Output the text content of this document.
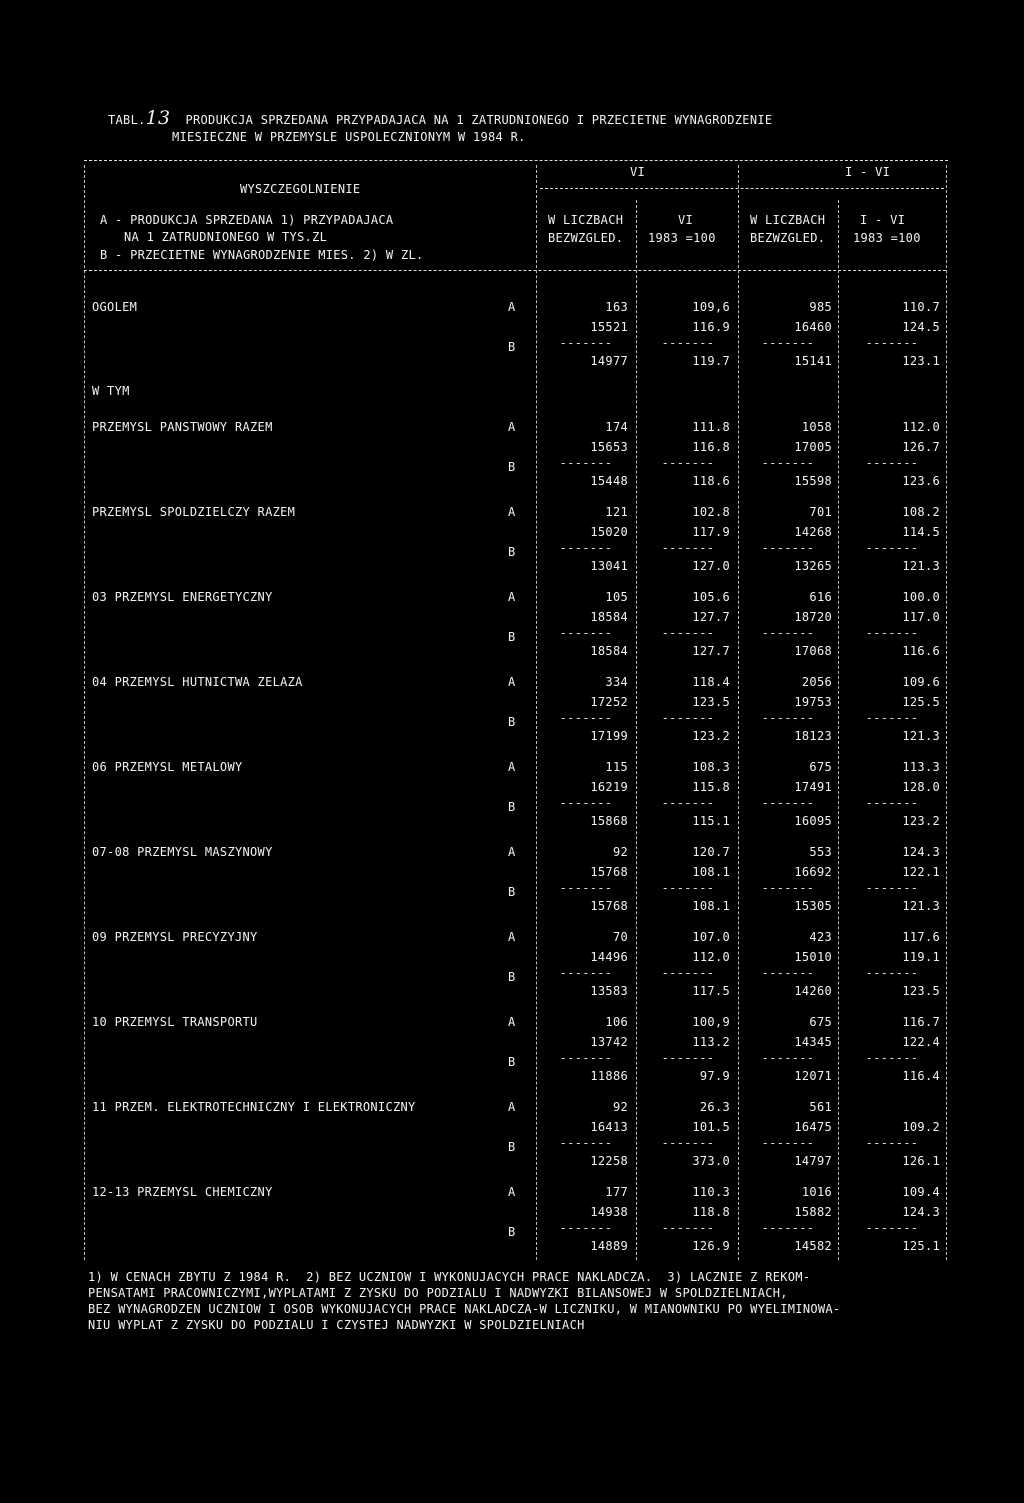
TABL.13 PRODUKCJA SPRZEDANA PRZYPADAJACA NA 1 ZATRUDNIONEGO I PRZECIETNE WYNAGRODZENIE
MIESIECZNE W PRZEMYSLE USPOLECZNIONYM W 1984 R.
WYSZCZEGOLNIENIE
VI	I - VI
A - PRODUKCJA SPRZEDANA 1) PRZYPADAJACA
NA 1 ZATRUDNIONEGO W TYS.ZL
B - PRZECIETNE WYNAGRODZENIE MIES. 2) W ZL.
W LICZBACH
BEZWZGLED.
VI
1983 =100
W LICZBACH
BEZWZGLED.
I - VI
1983 =100
W TYM
OGOLEM	A
B
163	109,6	985	110.7
15521	116.9	16460	124.5
-------	-------	-------	-------
14977	119.7	15141	123.1
PRZEMYSL PANSTWOWY RAZEM	A
B
174	111.8	1058	112.0
15653	116.8	17005	126.7
-------	-------	-------	-------
15448	118.6	15598	123.6
PRZEMYSL SPOLDZIELCZY RAZEM	A
B
121	102.8	701	108.2
15020	117.9	14268	114.5
-------	-------	-------	-------
13041	127.0	13265	121.3
03 PRZEMYSL ENERGETYCZNY	A
B
105	105.6	616	100.0
18584	127.7	18720	117.0
-------	-------	-------	-------
18584	127.7	17068	116.6
04 PRZEMYSL HUTNICTWA ZELAZA	A
B
334	118.4	2056	109.6
17252	123.5	19753	125.5
-------	-------	-------	-------
17199	123.2	18123	121.3
06 PRZEMYSL METALOWY	A
B
115	108.3	675	113.3
16219	115.8	17491	128.0
-------	-------	-------	-------
15868	115.1	16095	123.2
07-08 PRZEMYSL MASZYNOWY	A
B
92	120.7	553	124.3
15768	108.1	16692	122.1
-------	-------	-------	-------
15768	108.1	15305	121.3
09 PRZEMYSL PRECYZYJNY	A
B
70	107.0	423	117.6
14496	112.0	15010	119.1
-------	-------	-------	-------
13583	117.5	14260	123.5
10 PRZEMYSL TRANSPORTU	A
B
106	100,9	675	116.7
13742	113.2	14345	122.4
-------	-------	-------	-------
11886	97.9	12071	116.4
11 PRZEM. ELEKTROTECHNICZNY I ELEKTRONICZNY	A
B
92	26.3	561
16413	101.5	16475	109.2
-------	-------	-------	-------
12258	373.0	14797	126.1
12-13 PRZEMYSL CHEMICZNY	A
B
177	110.3	1016	109.4
14938	118.8	15882	124.3
-------	-------	-------	-------
14889	126.9	14582	125.1
1) W CENACH ZBYTU Z 1984 R.  2) BEZ UCZNIOW I WYKONUJACYCH PRACE NAKLADCZA.  3) LACZNIE Z REKOM-
PENSATAMI PRACOWNICZYMI,WYPLATAMI Z ZYSKU DO PODZIALU I NADWYZKI BILANSOWEJ W SPOLDZIELNIACH,
BEZ WYNAGRODZEN UCZNIOW I OSOB WYKONUJACYCH PRACE NAKLADCZA-W LICZNIKU, W MIANOWNIKU PO WYELIMINOWA-
NIU WYPLAT Z ZYSKU DO PODZIALU I CZYSTEJ NADWYZKI W SPOLDZIELNIACH
